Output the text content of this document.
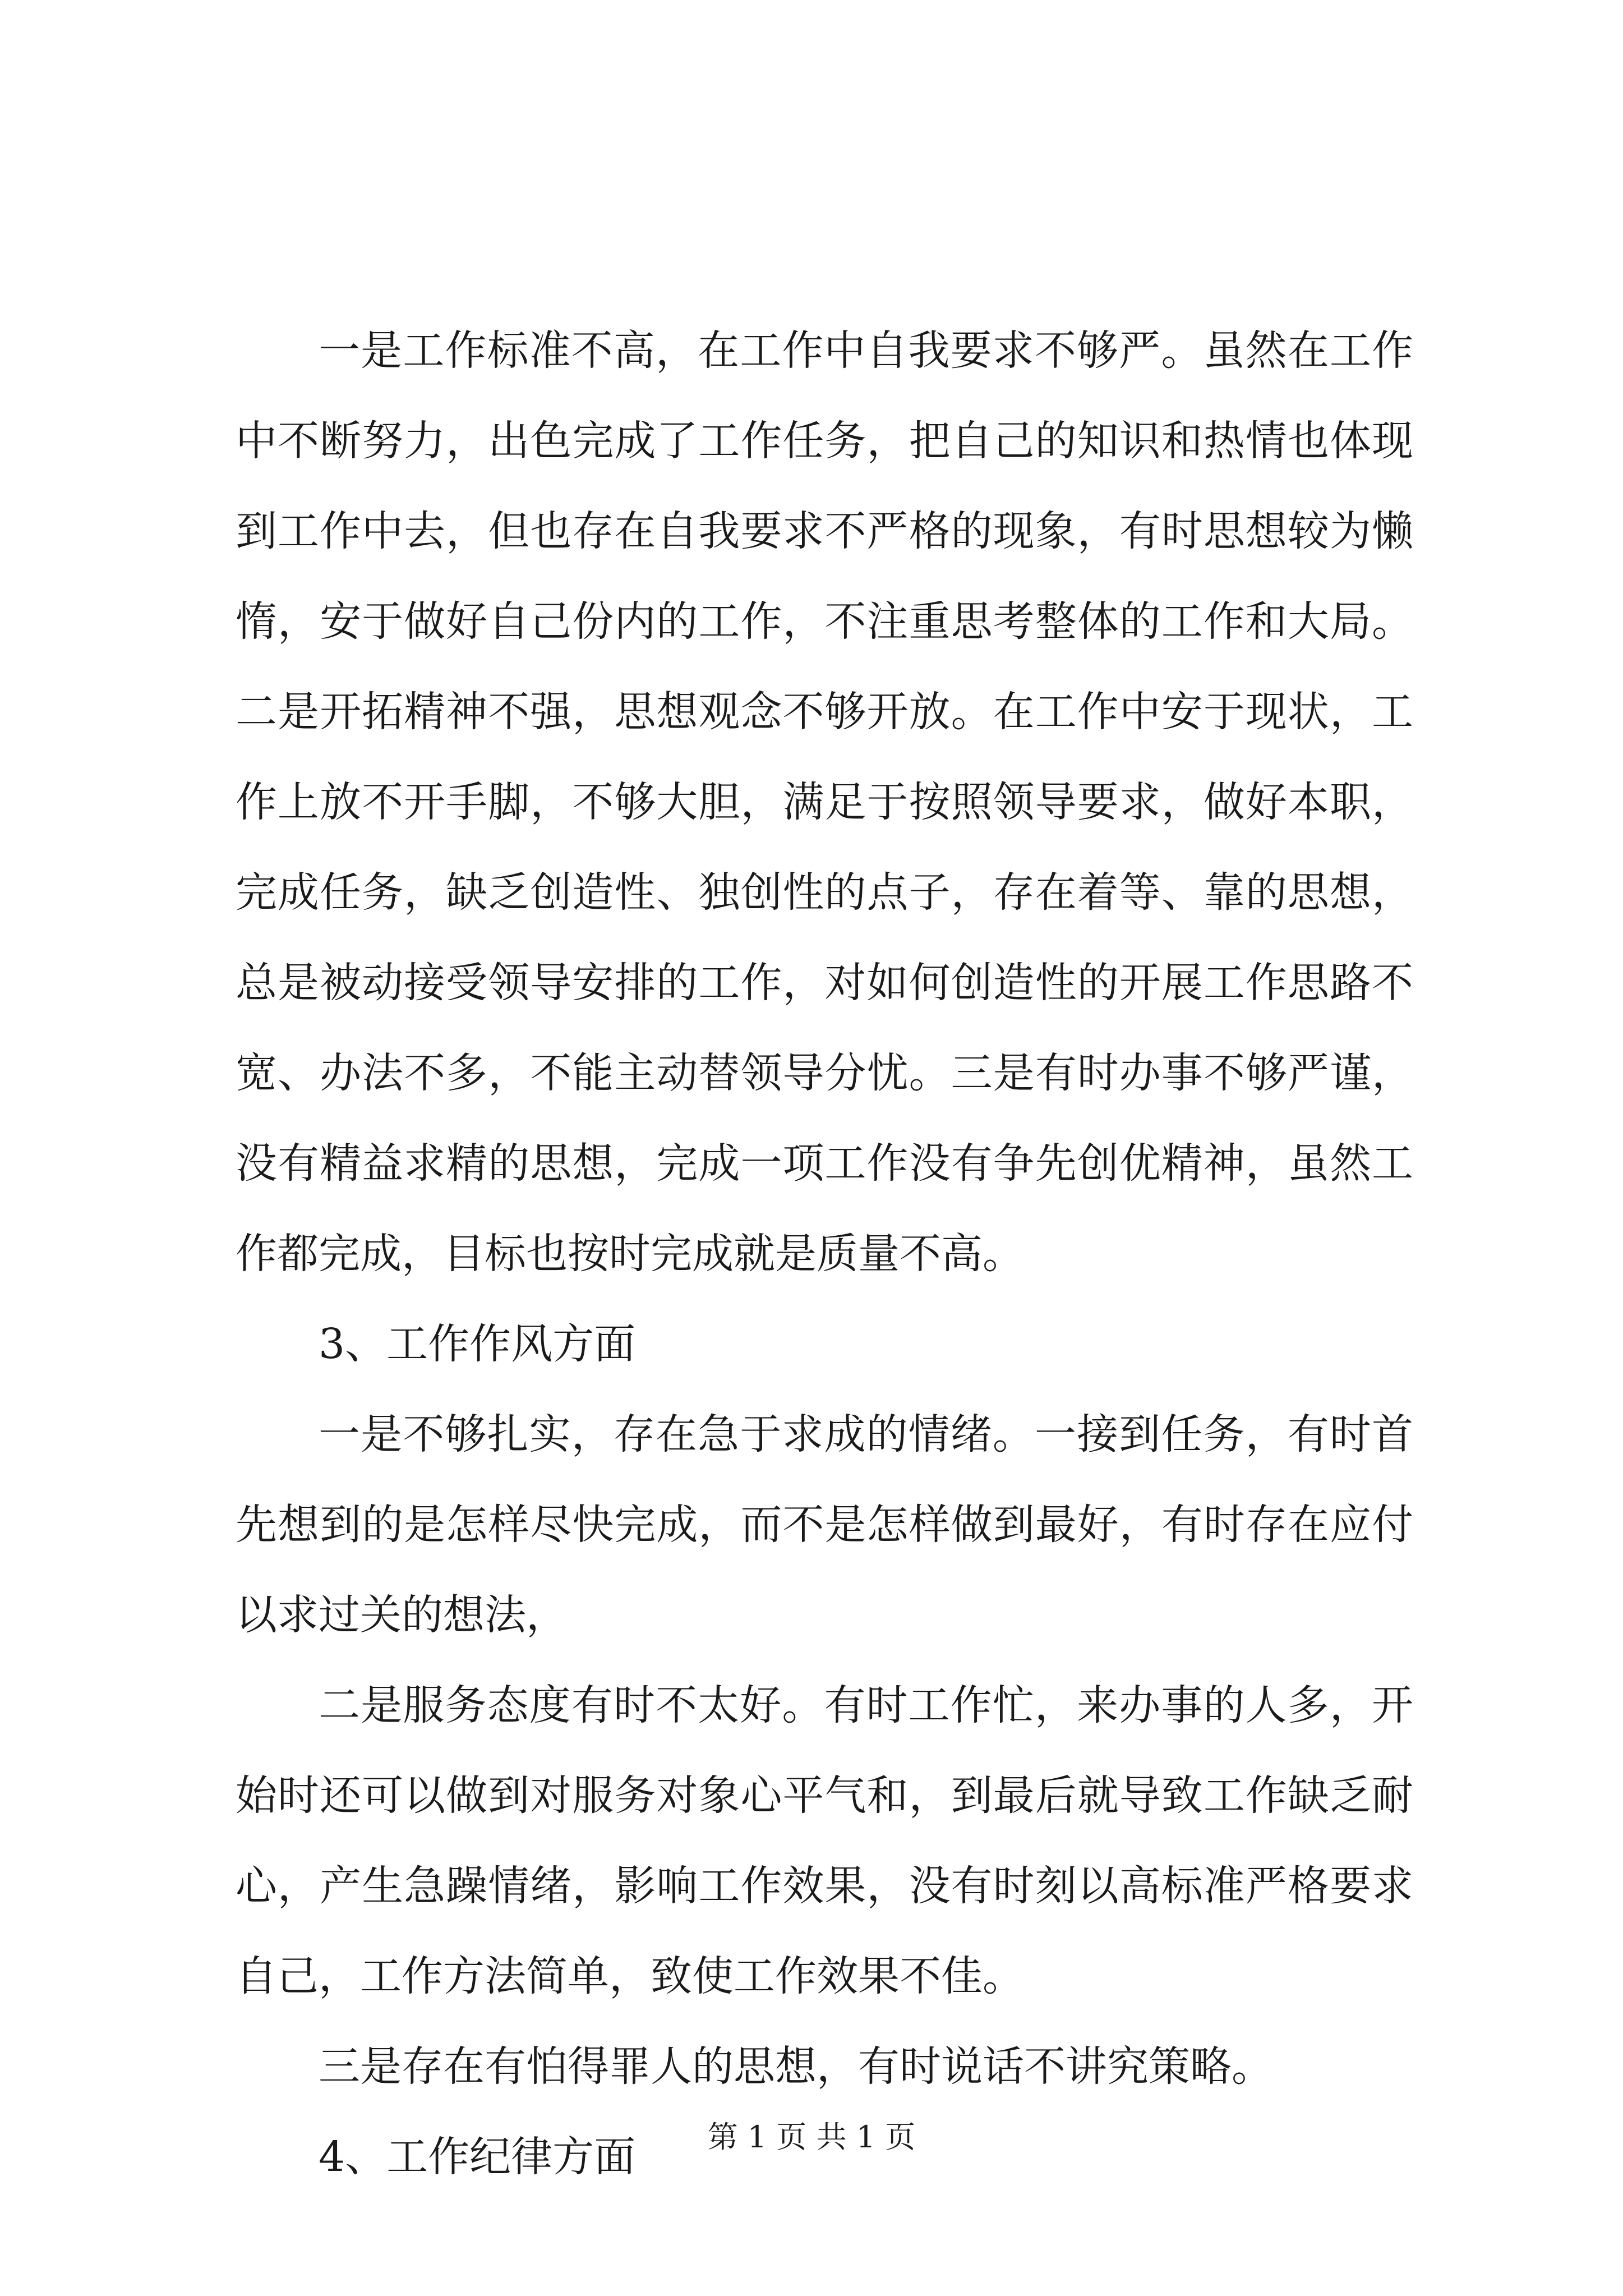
一是工作标准不高，在工作中自我要求不够严。虽然在工作
中不断努力，出色完成了工作任务，把自己的知识和热情也体现
到工作中去，但也存在自我要求不严格的现象，有时思想较为懒
惰，安于做好自己份内的工作，不注重思考整体的工作和大局。
二是开拓精神不强，思想观念不够开放。在工作中安于现状，工
作上放不开手脚，不够大胆，满足于按照领导要求，做好本职，
完成任务，缺乏创造性、独创性的点子，存在着等、靠的思想，
总是被动接受领导安排的工作，对如何创造性的开展工作思路不
宽、办法不多，不能主动替领导分忧。三是有时办事不够严谨，
没有精益求精的思想，完成一项工作没有争先创优精神，虽然工
作都完成，目标也按时完成就是质量不高。
3、工作作风方面
一是不够扎实，存在急于求成的情绪。一接到任务，有时首
先想到的是怎样尽快完成，而不是怎样做到最好，有时存在应付
以求过关的想法，
二是服务态度有时不太好。有时工作忙，来办事的人多，开
始时还可以做到对服务对象心平气和，到最后就导致工作缺乏耐
心，产生急躁情绪，影响工作效果，没有时刻以高标准严格要求
自己，工作方法简单，致使工作效果不佳。
三是存在有怕得罪人的思想，有时说话不讲究策略。
4、工作纪律方面	第 1 页 共 1 页
